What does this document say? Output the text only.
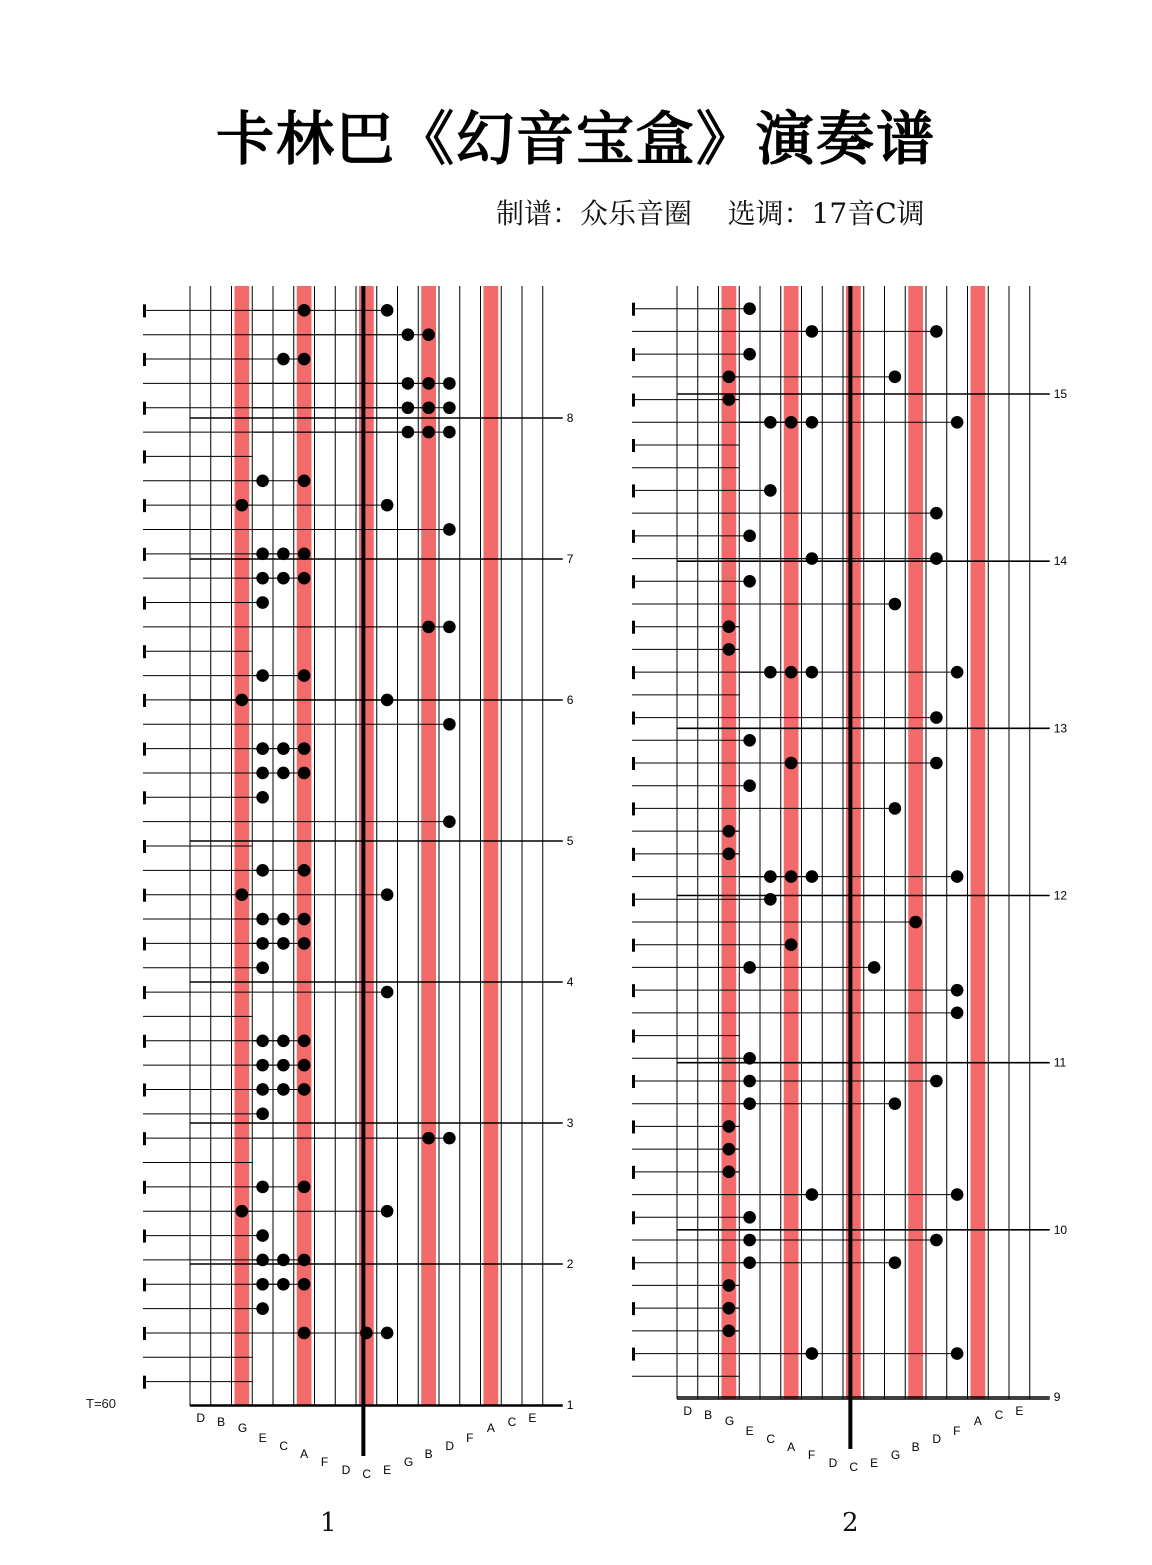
卡林巴《幻音宝盒》演奏谱
制谱：众乐音圈    选调：17音C调
T=60
8
7
6
5
4
3
2
1
D B G
E
C
A
F
D C E
G
B
D
F
A C E
15
14
13
12
11
10
9
D B G
E
C
A
F
D C E
G
B
D
F
A C E
1	2
